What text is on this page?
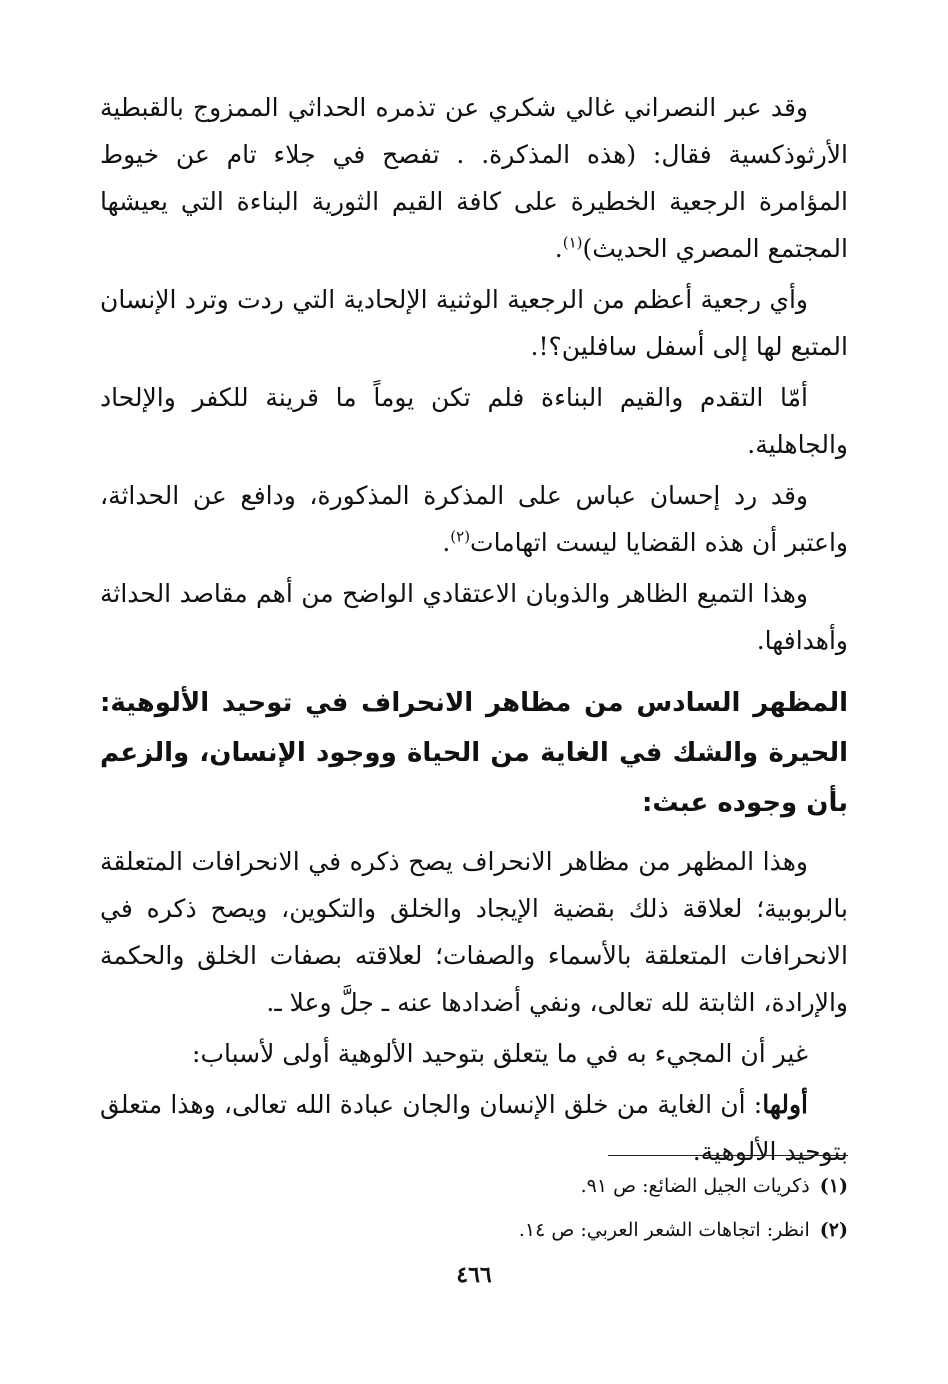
وقد عبر النصراني غالي شكري عن تذمره الحداثي الممزوج بالقبطية الأرثوذكسية فقال: (هذه المذكرة. . تفصح في جلاء تام عن خيوط المؤامرة الرجعية الخطيرة على كافة القيم الثورية البناءة التي يعيشها المجتمع المصري الحديث)$^{(١)}$.

وأي رجعية أعظم من الرجعية الوثنية الإلحادية التي ردت وترد الإنسان المتبع لها إلى أسفل سافلين؟!.

أمّا التقدم والقيم البناءة فلم تكن يوماً ما قرينة للكفر والإلحاد والجاهلية.

وقد رد إحسان عباس على المذكرة المذكورة، ودافع عن الحداثة، واعتبر أن هذه القضايا ليست اتهامات$^{(٢)}$.

وهذا التميع الظاهر والذوبان الاعتقادي الواضح من أهم مقاصد الحداثة وأهدافها.

المظهر السادس من مظاهر الانحراف في توحيد الألوهية: الحيرة والشك في الغاية من الحياة ووجود الإنسان، والزعم بأن وجوده عبث:

وهذا المظهر من مظاهر الانحراف يصح ذكره في الانحرافات المتعلقة بالربوبية؛ لعلاقة ذلك بقضية الإيجاد والخلق والتكوين، ويصح ذكره في الانحرافات المتعلقة بالأسماء والصفات؛ لعلاقته بصفات الخلق والحكمة والإرادة، الثابتة لله تعالى، ونفي أضدادها عنه ـ جلَّ وعلا ـ.

غير أن المجيء به في ما يتعلق بتوحيد الألوهية أولى لأسباب:

أولها: أن الغاية من خلق الإنسان والجان عبادة الله تعالى، وهذا متعلق بتوحيد الألوهية.

(١)ذكريات الجيل الضائع: ص ٩١.
(٢)انظر: اتجاهات الشعر العربي: ص ١٤.
٤٦٦
